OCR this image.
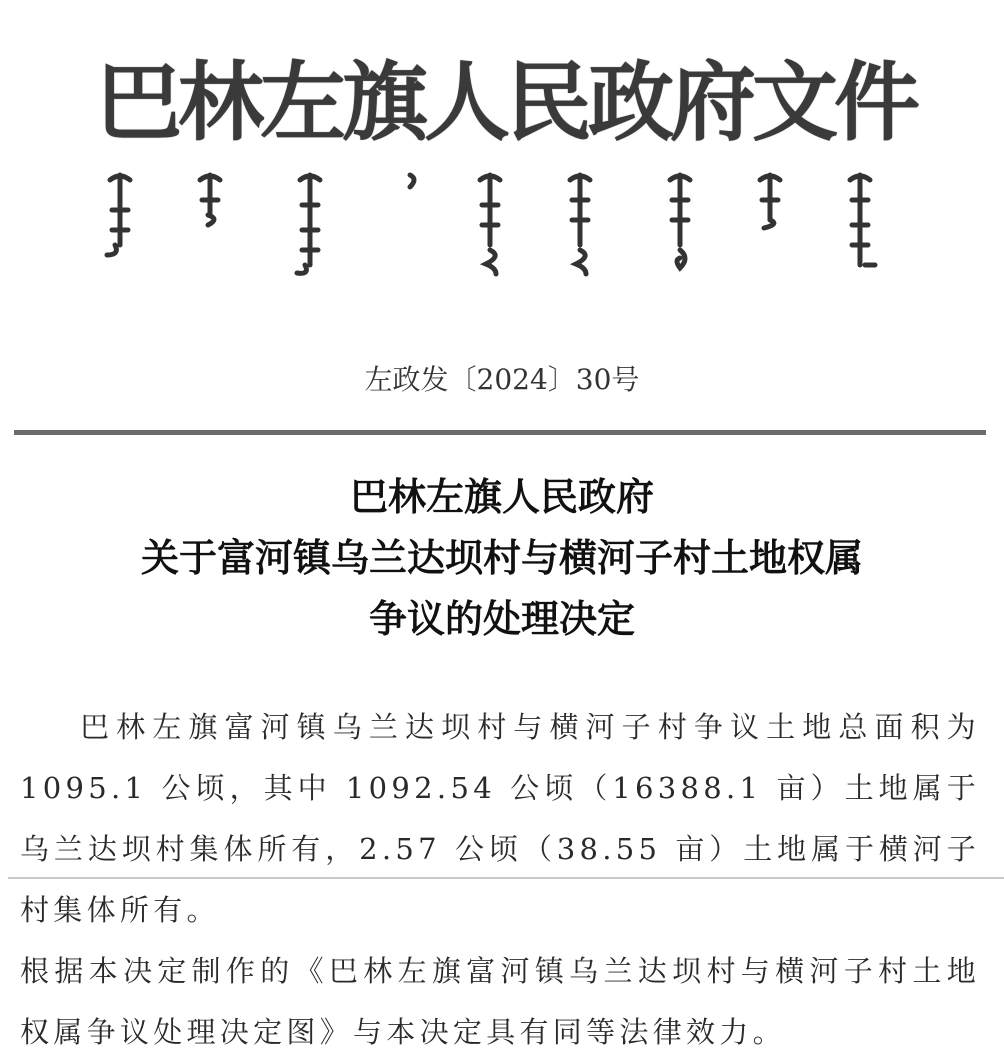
巴林左旗人民政府文件
左政发〔2024〕30号
巴林左旗人民政府
关于富河镇乌兰达坝村与横河子村土地权属
争议的处理决定

巴林左旗富河镇乌兰达坝村与横河子村争议土地总面积为1095.1 公顷，其中 1092.54 公顷（16388.1 亩）土地属于乌兰达坝村集体所有，2.57 公顷（38.55 亩）土地属于横河子村集体所有。

根据本决定制作的《巴林左旗富河镇乌兰达坝村与横河子村土地权属争议处理决定图》与本决定具有同等法律效力。
